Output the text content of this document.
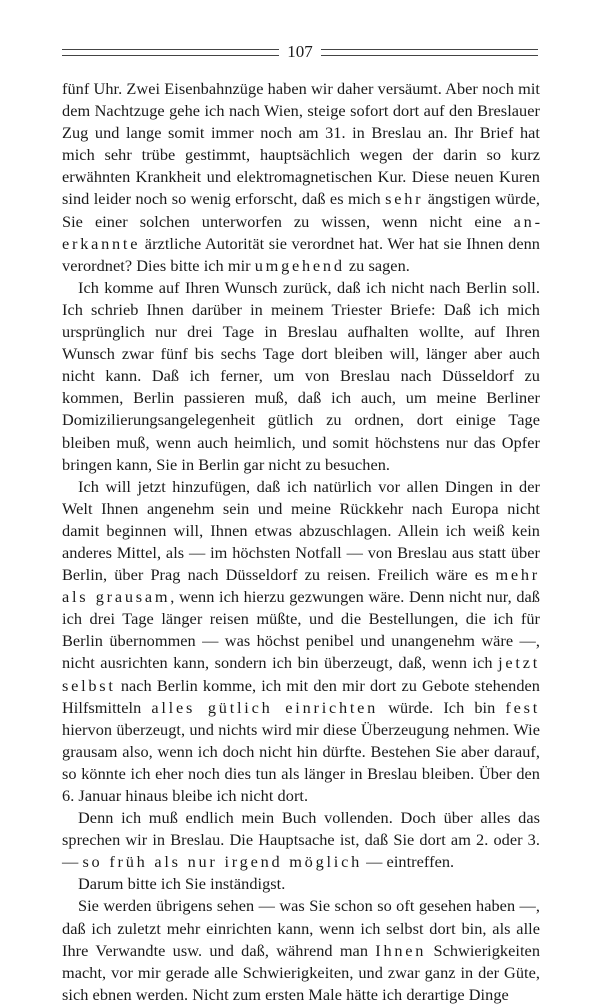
107

fünf Uhr. Zwei Eisenbahnzüge haben wir daher versäumt. Aber noch mit dem Nachtzuge gehe ich nach Wien, steige sofort dort auf den Breslauer Zug und lange somit immer noch am 31. in Breslau an. Ihr Brief hat mich sehr trübe gestimmt, hauptsächlich wegen der darin so kurz erwähnten Krankheit und elektromagnetischen Kur. Diese neuen Kuren sind leider noch so wenig erforscht, daß es mich sehr ängstigen würde, Sie einer solchen unterworfen zu wissen, wenn nicht eine anerkannte ärztliche Autorität sie verordnet hat. Wer hat sie Ihnen denn verordnet? Dies bitte ich mir umgehend zu sagen.

Ich komme auf Ihren Wunsch zurück, daß ich nicht nach Berlin soll. Ich schrieb Ihnen darüber in meinem Triester Briefe: Daß ich mich ursprünglich nur drei Tage in Breslau aufhalten wollte, auf Ihren Wunsch zwar fünf bis sechs Tage dort bleiben will, länger aber auch nicht kann. Daß ich ferner, um von Breslau nach Düsseldorf zu kommen, Berlin passieren muß, daß ich auch, um meine Berliner Domizilierungsangelegenheit gütlich zu ordnen, dort einige Tage bleiben muß, wenn auch heimlich, und somit höchstens nur das Opfer bringen kann, Sie in Berlin gar nicht zu besuchen.

Ich will jetzt hinzufügen, daß ich natürlich vor allen Dingen in der Welt Ihnen angenehm sein und meine Rückkehr nach Europa nicht damit beginnen will, Ihnen etwas abzuschlagen. Allein ich weiß kein anderes Mittel, als — im höchsten Notfall — von Breslau aus statt über Berlin, über Prag nach Düsseldorf zu reisen. Freilich wäre es mehr als grausam, wenn ich hierzu gezwungen wäre. Denn nicht nur, daß ich drei Tage länger reisen müßte, und die Bestellungen, die ich für Berlin übernommen — was höchst penibel und unangenehm wäre —, nicht ausrichten kann, sondern ich bin überzeugt, daß, wenn ich jetzt selbst nach Berlin komme, ich mit den mir dort zu Gebote stehenden Hilfsmitteln alles gütlich einrichten würde. Ich bin fest hiervon überzeugt, und nichts wird mir diese Überzeugung nehmen. Wie grausam also, wenn ich doch nicht hin dürfte. Bestehen Sie aber darauf, so könnte ich eher noch dies tun als länger in Breslau bleiben. Über den 6. Januar hinaus bleibe ich nicht dort.

Denn ich muß endlich mein Buch vollenden. Doch über alles das sprechen wir in Breslau. Die Hauptsache ist, daß Sie dort am 2. oder 3. — so früh als nur irgend möglich — eintreffen.

Darum bitte ich Sie inständigst.

Sie werden übrigens sehen — was Sie schon so oft gesehen haben —, daß ich zuletzt mehr einrichten kann, wenn ich selbst dort bin, als alle Ihre Verwandte usw. und daß, während man Ihnen Schwierigkeiten macht, vor mir gerade alle Schwierigkeiten, und zwar ganz in der Güte, sich ebnen werden. Nicht zum ersten Male hätte ich derartige Dinge
